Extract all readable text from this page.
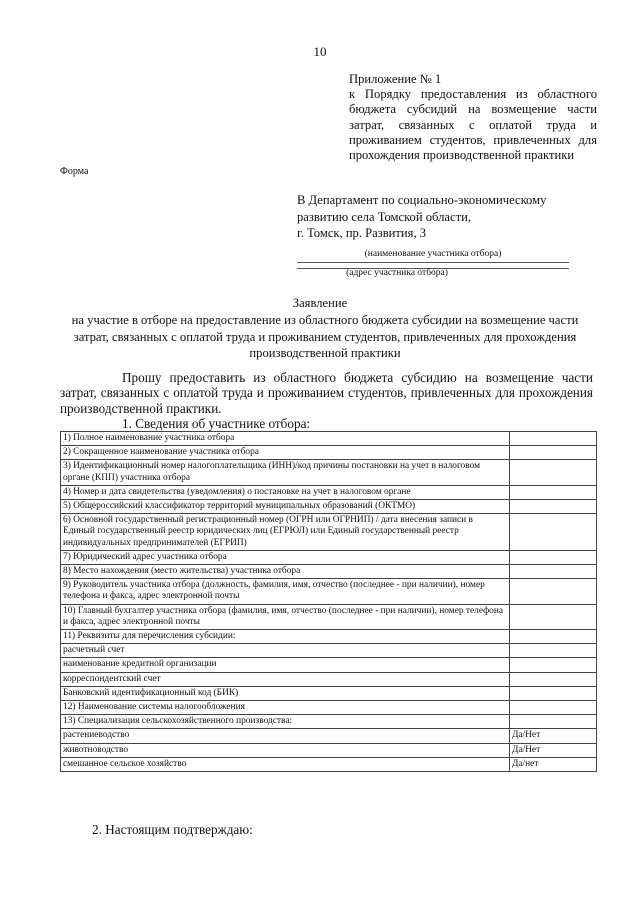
10
Приложение № 1
к Порядку предоставления из областного бюджета субсидий на возмещение части затрат, связанных с оплатой труда и проживанием студентов, привлеченных для прохождения производственной практики
Форма
В Департамент по социально-экономическому
развитию села Томской области,
г. Томск, пр. Развития, 3
(наименование участника отбора)
(адрес участника отбора)
Заявление
на участие в отборе на предоставление из областного бюджета субсидии на возмещение части затрат, связанных с оплатой труда и проживанием студентов, привлеченных для прохождения производственной практики
Прошу предоставить из областного бюджета субсидию на возмещение части затрат, связанных с оплатой труда и проживанием студентов, привлеченных для прохождения производственной практики.
1. Сведения об участнике отбора:
1) Полное наименование участника отбора	
2) Сокращенное наименование участника отбора	
3) Идентификационный номер налогоплательщика (ИНН)/код причины постановки на учет в налоговом органе (КПП) участника отбора	
4) Номер и дата свидетельства (уведомления) о постановке на учет в налоговом органе	
5) Общероссийский классификатор территорий муниципальных образований (ОКТМО)	
6) Основной государственный регистрационный номер (ОГРН или ОГРНИП) / дата внесения записи в Единый государственный реестр юридических лиц (ЕГРЮЛ) или Единый государственный реестр индивидуальных предпринимателей (ЕГРИП)	
7) Юридический адрес участника отбора	
8) Место нахождения (место жительства) участника отбора	
9) Руководитель участника отбора (должность, фамилия, имя, отчество (последнее - при наличии), номер телефона и факса, адрес электронной почты	
10) Главный бухгалтер участника отбора (фамилия, имя, отчество (последнее - при наличии), номер телефона и факса, адрес электронной почты	
11) Реквизиты для перечисления субсидии:	
расчетный счет	
наименование кредитной организации	
корреспондентский счет	
Банковский идентификационный код (БИК)	
12) Наименование системы налогообложения	
13) Специализация сельскохозяйственного производства:	
растениеводство	Да/Нет
животноводство	Да/Нет
смешанное сельское хозяйство	Да/нет
2. Настоящим подтверждаю:
